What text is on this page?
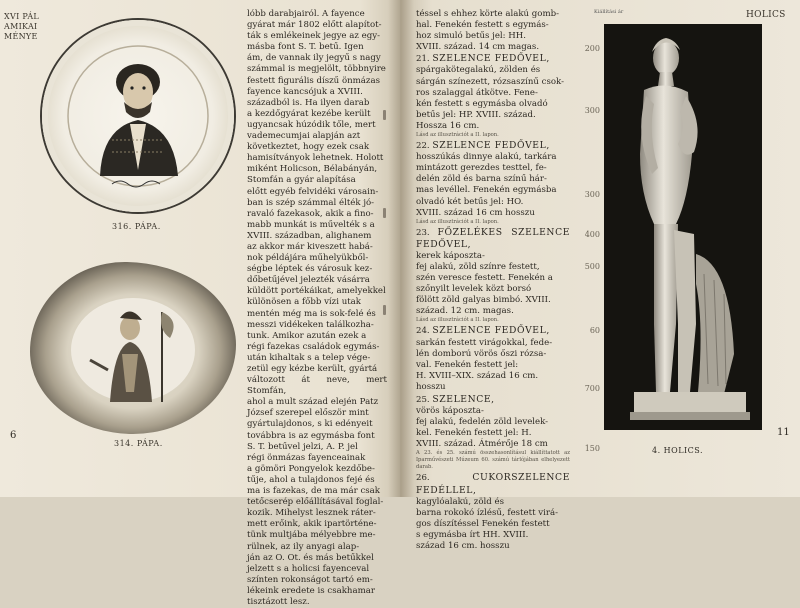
XVI PÁL
AMIKAI
MÉNYE
316. PÁPA.
314. PÁPA.
6
lóbb darabjairól. A fayence
gyárat már 1802 előtt alapítot-
ták s emlékeinek jegye az egy-
másba font S. T. betű. Igen
ám, de vannak ily jegyű s nagy
számmal is megjelölt, többnyire
festett figurális díszű önmázas
fayence kancsójuk a XVIII.
századból is. Ha ilyen darab
a kezdőgyárat kezébe került
ugyancsak húzódik tőle, mert
vademecumjai alapján azt
következtet, hogy ezek csak
hamisítványok lehetnek. Holott
miként Holicson, Bélabányán,
Stomfán a gyár alapítása
előtt egyéb felvidéki városain-
ban is szép számmal élték jó-
ravaló fazekasok, akik a fino-
mabb munkát is művelték s a
XVIII. században, alighanem
az akkor már kiveszett habá-
nok példájára műhelyükből-
ségbe léptek és városuk kez-
dőbetűjével jelezték vásárra
küldött portékáikat, amelyekkel
különösen a főbb vízi utak
mentén még ma is sok-felé és
messzi vidékeken találkozha-
tunk. Amikor azután ezek a
régi fazekas családok egymás-
után kihaltak s a telep vége-
zetül egy kézbe került, gyártá
változott át neve, mert Stomfán,
ahol a mult század elején Patz
József szerepel először mint
gyártulajdonos, s ki edényeit
továbbra is az egymásba font
S. T. betűvel jelzi, A. P. jel
régi önmázas fayenceainak
a gömöri Pongyelok kezdőbe-
tűje, ahol a tulajdonos fejé és
ma is fazekas, de ma már csak
tetőcserép előállításával foglal-
kozik. Mihelyst lesznek ráter-
mett erőink, akik ipartörténe-
tünk multjába mélyebbre me-
rülnek, az ily anyagi alap-
ján az O. Ot. és más betűkkel
jelzett s a holicsi fayenceval
színten rokonságot tartó em-
lékeink eredete is csakhamar
tisztázott lesz.
Kiállítási ár	HOLICS
téssel s ehhez körte alakú gomb-
hal. Fenekén festett s egymás-
hoz simuló betűs jel: HH.
XVIII. század. 14 cm magas.
21. SZELENCE FEDŐVEL,
spárgakötegalakú, zölden és
sárgán színezett, rózsaszínű csok-
ros szalaggal átkötve. Fene-
kén festett s egymásba olvadó
betűs jel: HP. XVIII. század.
Hossza 16 cm.
Lásd az illusztrációt a II. lapon.
22. SZELENCE FEDŐVEL,
hosszúkás dinnye alakú, tarkára
mintázott gerezdes testtel, fe-
delén zöld és barna színű hár-
mas levéllel. Fenekén egymásba
olvadó két betűs jel: HO.
XVIII. század 16 cm hosszu
Lásd az illusztrációt a II. lapon.
23. FŐZELÉKES SZELENCE FEDŐVEL,
kerek káposzta-
fej alakú, zöld színre festett,
szén veresce festett. Fenekén a
szőnyilt levelek közt borsó
fölött zöld galyas bimbó. XVIII.
század. 12 cm. magas.
Lásd az illusztrációt a II. lapon.
24. SZELENCE FEDŐVEL,
sarkán festett virágokkal, fede-
lén domború vörös őszi rózsa-
val. Fenekén festett jel:
H. XVIII–XIX. század 16 cm.
hosszu
25. SZELENCE,
vörös káposzta-
fej alakú, fedelén zöld levelek-
kel. Fenekén festett jel: H.
XVIII. század. Átmérője 18 cm
A 23. és 25. számú összehasonlításul kiállíttatott az Iparművészeti Múzeum 60. számú tárlójában elhelyezett darab.
26.	CUKORSZELENCE FEDÉLLEL,
kagylóalakú, zöld és
barna rokokó ízlésű, festett virá-
gos díszítéssel Fenekén festett
s egymásba írt HH. XVIII.
század 16 cm. hosszu
200
300
300
400
500
60
700
150	4. HOLICS.
11
